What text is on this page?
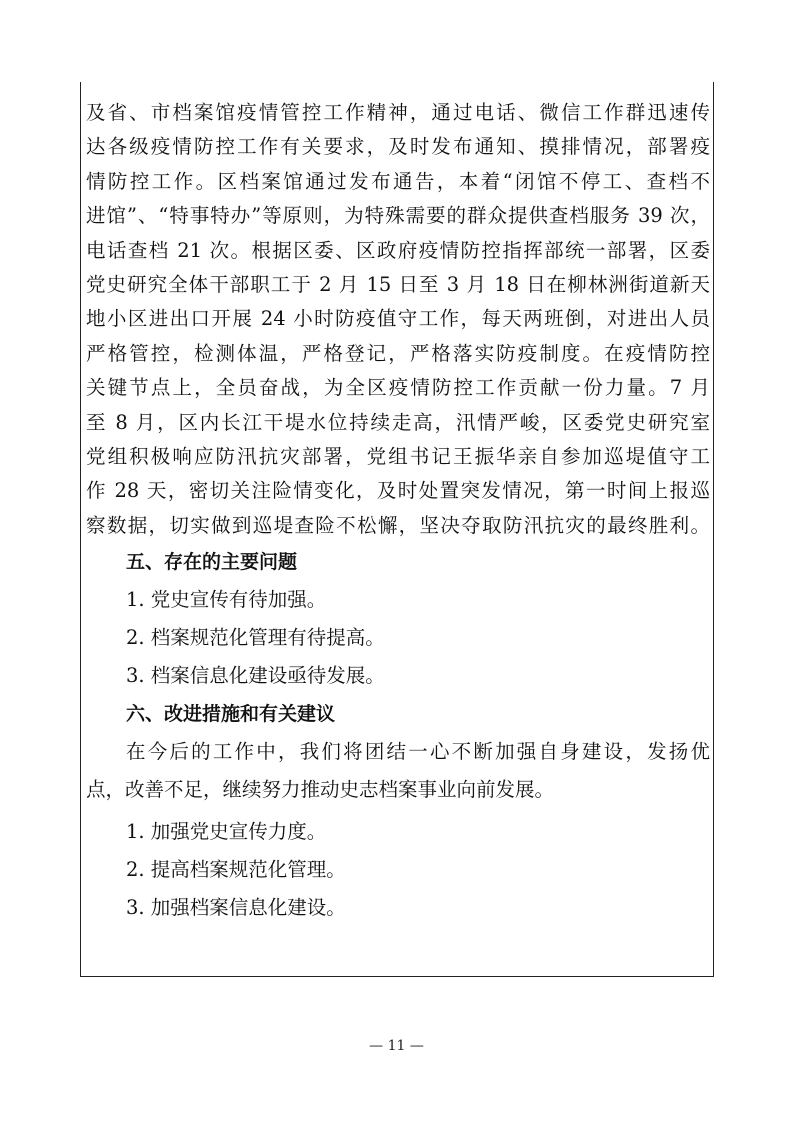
及省、市档案馆疫情管控工作精神，通过电话、微信工作群迅速传
达各级疫情防控工作有关要求，及时发布通知、摸排情况，部署疫
情防控工作。区档案馆通过发布通告，本着“闭馆不停工、查档不
进馆”、“特事特办”等原则，为特殊需要的群众提供查档服务 39 次，
电话查档 21 次。根据区委、区政府疫情防控指挥部统一部署，区委
党史研究全体干部职工于 2 月 15 日至 3 月 18 日在柳林洲街道新天
地小区进出口开展 24 小时防疫值守工作，每天两班倒，对进出人员
严格管控，检测体温，严格登记，严格落实防疫制度。在疫情防控
关键节点上，全员奋战，为全区疫情防控工作贡献一份力量。7 月
至 8 月，区内长江干堤水位持续走高，汛情严峻，区委党史研究室
党组积极响应防汛抗灾部署，党组书记王振华亲自参加巡堤值守工
作 28 天，密切关注险情变化，及时处置突发情况，第一时间上报巡
察数据，切实做到巡堤查险不松懈，坚决夺取防汛抗灾的最终胜利。
五、存在的主要问题
1. 党史宣传有待加强。
2. 档案规范化管理有待提高。
3. 档案信息化建设亟待发展。
六、改进措施和有关建议
在今后的工作中，我们将团结一心不断加强自身建设，发扬优
点，改善不足，继续努力推动史志档案事业向前发展。
1. 加强党史宣传力度。
2. 提高档案规范化管理。
3. 加强档案信息化建设。
— 11 —
